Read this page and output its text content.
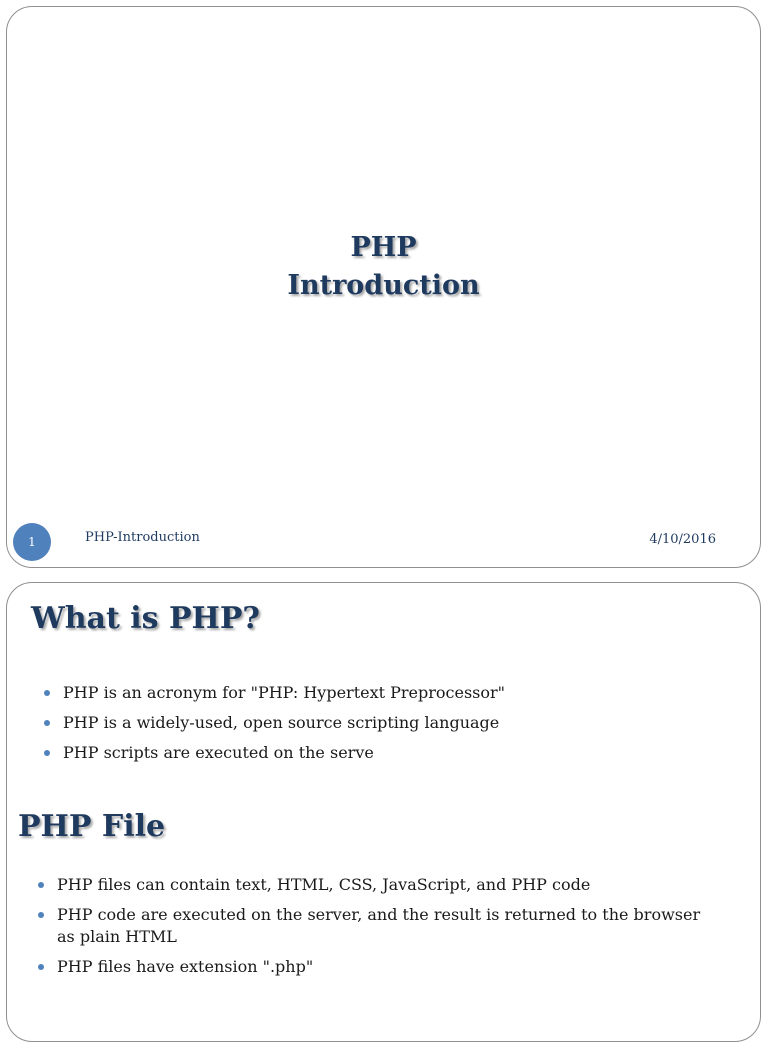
PHP
Introduction
1	PHP-Introduction	4/10/2016
What is PHP?
PHP is an acronym for "PHP: Hypertext Preprocessor"
PHP is a widely-used, open source scripting language
PHP scripts are executed on the serve
PHP File
PHP files can contain text, HTML, CSS, JavaScript, and PHP code
PHP code are executed on the server, and the result is returned to the browser as plain HTML
PHP files have extension ".php"
